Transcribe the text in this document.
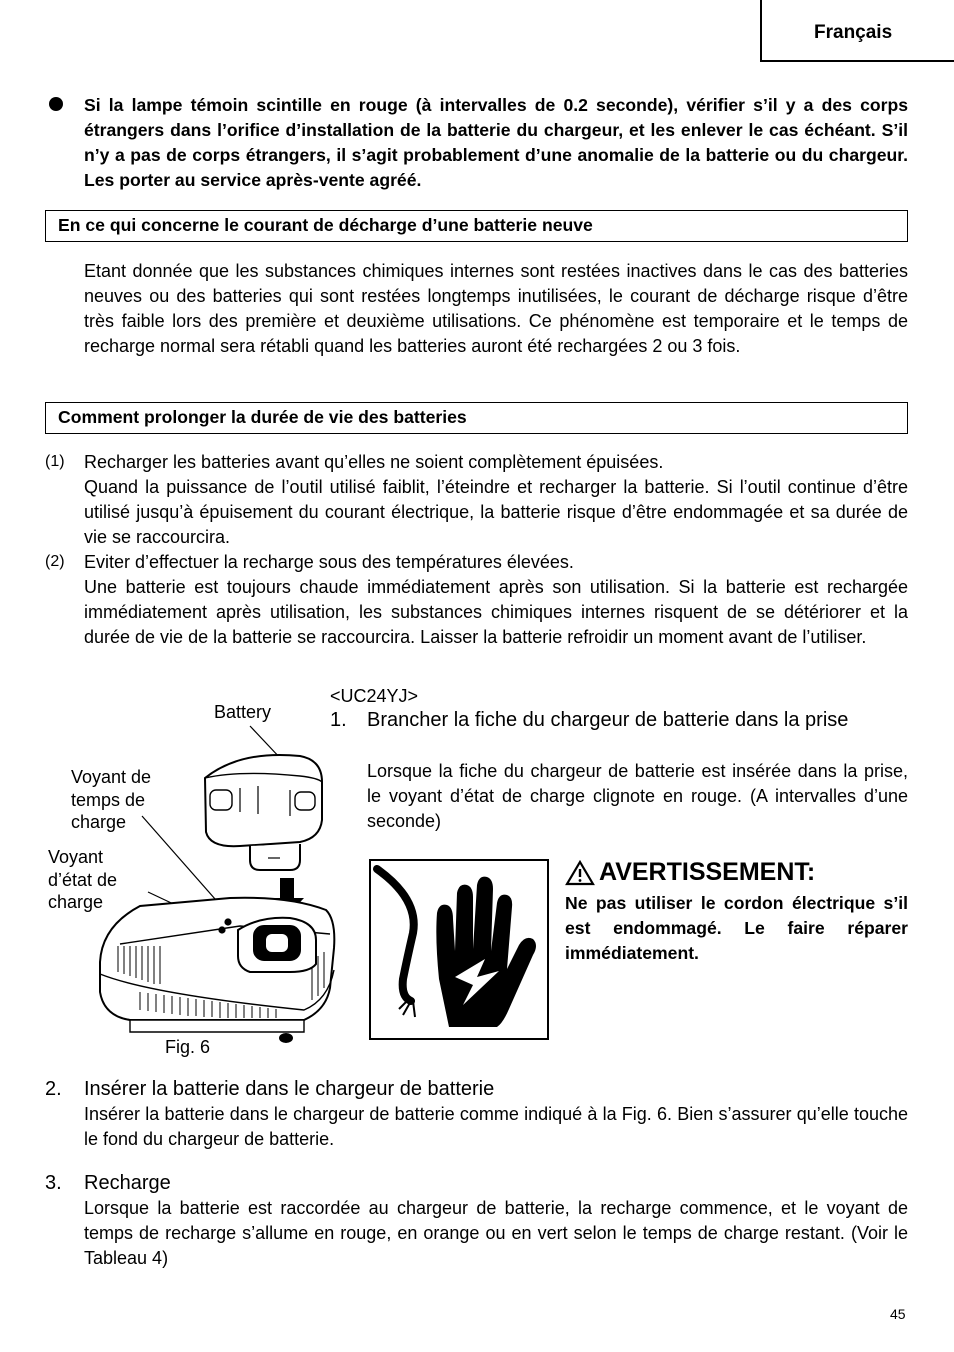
Français
Si la lampe témoin scintille en rouge (à intervalles de 0.2 seconde), vérifier s’il y a des corps étrangers dans l’orifice d’installation de la batterie du chargeur, et les enlever le cas échéant. S’il n’y a pas de corps étrangers, il s’agit probablement d’une anomalie de la batterie ou du chargeur. Les porter au service après-vente agréé.
En ce qui concerne le courant de décharge d’une batterie neuve
Etant donnée que les substances chimiques internes sont restées inactives dans le cas des batteries neuves ou des batteries qui sont restées longtemps inutilisées, le courant de décharge risque d’être très faible lors des première et deuxième utilisations. Ce phénomène est temporaire et le temps de recharge normal sera rétabli quand les batteries auront été rechargées 2 ou 3 fois.
Comment prolonger la durée de vie des batteries
(1) Recharger les batteries avant qu’elles ne soient complètement épuisées.
Quand la puissance de l’outil utilisé faiblit, l’éteindre et recharger la batterie. Si l’outil continue d’être utilisé jusqu’à épuisement du courant électrique, la batterie risque d’être endommagée et sa durée de vie se raccourcira.
(2) Eviter d’effectuer la recharge sous des températures élevées.
Une batterie est toujours chaude immédiatement après son utilisation. Si la batterie est rechargée immédiatement après utilisation, les substances chimiques internes risquent de se détériorer et la durée de vie de la batterie se raccourcira. Laisser la batterie refroidir un moment avant de l’utiliser.
Battery
Voyant de temps de charge
Voyant d’état de charge
Fig. 6
<UC24YJ>
1. Brancher la fiche du chargeur de batterie dans la prise
Lorsque la fiche du chargeur de batterie est insérée dans la prise, le voyant d’état de charge clignote en rouge. (A intervalles d’une seconde)
AVERTISSEMENT:
Ne pas utiliser le cordon électrique s’il est endommagé. Le faire réparer immédiatement.
2. Insérer la batterie dans le chargeur de batterie
Insérer la batterie dans le chargeur de batterie comme indiqué à la Fig. 6. Bien s’assurer qu’elle touche le fond du chargeur de batterie.
3. Recharge
Lorsque la batterie est raccordée au chargeur de batterie, la recharge commence, et le voyant de temps de recharge s’allume en rouge, en orange ou en vert selon le temps de charge restant. (Voir le Tableau 4)
45
